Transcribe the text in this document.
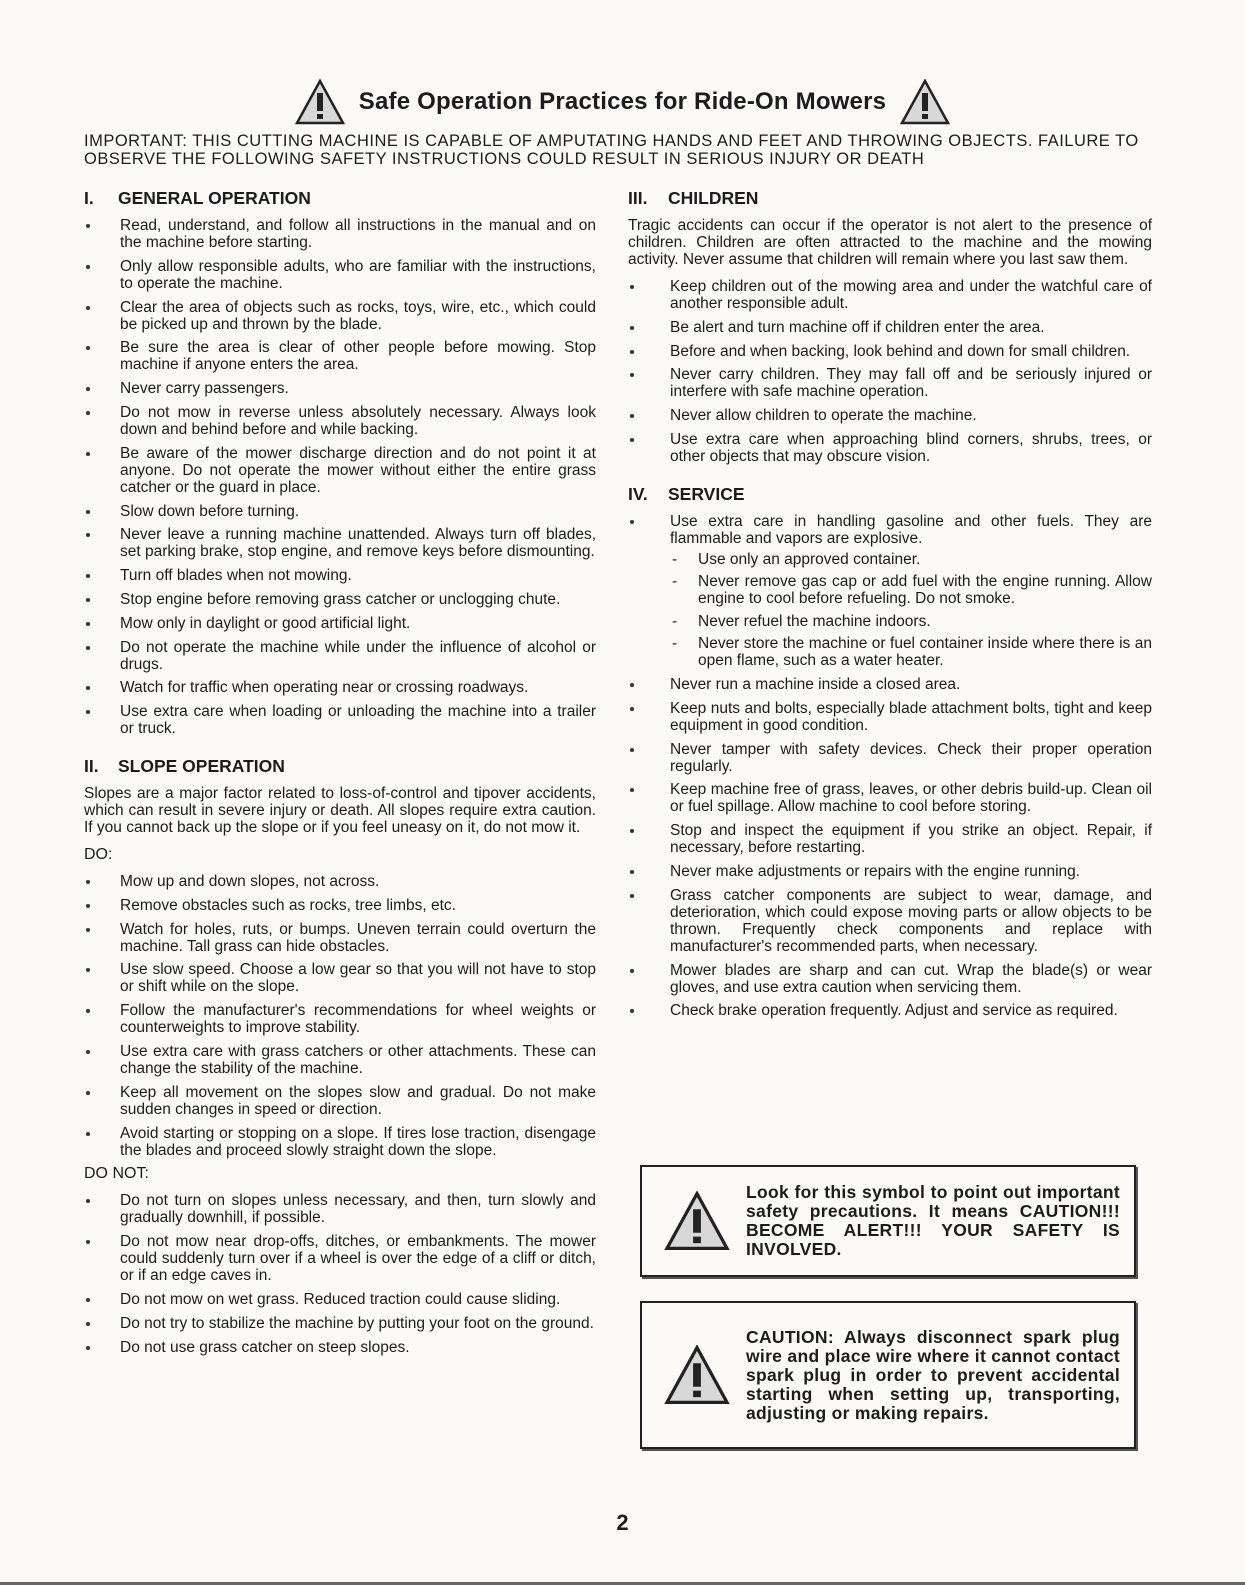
Safe Operation Practices for Ride-On Mowers
IMPORTANT: THIS CUTTING MACHINE IS CAPABLE OF AMPUTATING HANDS AND FEET AND THROWING OBJECTS. FAILURE TO OBSERVE THE FOLLOWING SAFETY INSTRUCTIONS COULD RESULT IN SERIOUS INJURY OR DEATH
I.	GENERAL OPERATION
Read, understand, and follow all instructions in the manual and on the machine before starting.
Only allow responsible adults, who are familiar with the instructions, to operate the machine.
Clear the area of objects such as rocks, toys, wire, etc., which could be picked up and thrown by the blade.
Be sure the area is clear of other people before mowing. Stop machine if anyone enters the area.
Never carry passengers.
Do not mow in reverse unless absolutely necessary. Always look down and behind before and while backing.
Be aware of the mower discharge direction and do not point it at anyone. Do not operate the mower without either the entire grass catcher or the guard in place.
Slow down before turning.
Never leave a running machine unattended. Always turn off blades, set parking brake, stop engine, and remove keys before dismounting.
Turn off blades when not mowing.
Stop engine before removing grass catcher or unclogging chute.
Mow only in daylight or good artificial light.
Do not operate the machine while under the influence of alcohol or drugs.
Watch for traffic when operating near or crossing roadways.
Use extra care when loading or unloading the machine into a trailer or truck.
II.	SLOPE OPERATION

Slopes are a major factor related to loss-of-control and tipover accidents, which can result in severe injury or death. All slopes require extra caution. If you cannot back up the slope or if you feel uneasy on it, do not mow it.

DO:
Mow up and down slopes, not across.
Remove obstacles such as rocks, tree limbs, etc.
Watch for holes, ruts, or bumps. Uneven terrain could overturn the machine. Tall grass can hide obstacles.
Use slow speed. Choose a low gear so that you will not have to stop or shift while on the slope.
Follow the manufacturer's recommendations for wheel weights or counterweights to improve stability.
Use extra care with grass catchers or other attachments. These can change the stability of the machine.
Keep all movement on the slopes slow and gradual. Do not make sudden changes in speed or direction.
Avoid starting or stopping on a slope. If tires lose traction, disengage the blades and proceed slowly straight down the slope.
DO NOT:
Do not turn on slopes unless necessary, and then, turn slowly and gradually downhill, if possible.
Do not mow near drop-offs, ditches, or embankments. The mower could suddenly turn over if a wheel is over the edge of a cliff or ditch, or if an edge caves in.
Do not mow on wet grass. Reduced traction could cause sliding.
Do not try to stabilize the machine by putting your foot on the ground.
Do not use grass catcher on steep slopes.
III.	CHILDREN

Tragic accidents can occur if the operator is not alert to the presence of children. Children are often attracted to the machine and the mowing activity. Never assume that children will remain where you last saw them.

Keep children out of the mowing area and under the watchful care of another responsible adult.
Be alert and turn machine off if children enter the area.
Before and when backing, look behind and down for small children.
Never carry children. They may fall off and be seriously injured or interfere with safe machine operation.
Never allow children to operate the machine.
Use extra care when approaching blind corners, shrubs, trees, or other objects that may obscure vision.
IV.	SERVICE
Use extra care in handling gasoline and other fuels. They are flammable and vapors are explosive.
- Use only an approved container.
- Never remove gas cap or add fuel with the engine running. Allow engine to cool before refueling. Do not smoke.
- Never refuel the machine indoors.
- Never store the machine or fuel container inside where there is an open flame, such as a water heater.
Never run a machine inside a closed area.
Keep nuts and bolts, especially blade attachment bolts, tight and keep equipment in good condition.
Never tamper with safety devices. Check their proper operation regularly.
Keep machine free of grass, leaves, or other debris build-up. Clean oil or fuel spillage. Allow machine to cool before storing.
Stop and inspect the equipment if you strike an object. Repair, if necessary, before restarting.
Never make adjustments or repairs with the engine running.
Grass catcher components are subject to wear, damage, and deterioration, which could expose moving parts or allow objects to be thrown. Frequently check components and replace with manufacturer's recommended parts, when necessary.
Mower blades are sharp and can cut. Wrap the blade(s) or wear gloves, and use extra caution when servicing them.
Check brake operation frequently. Adjust and service as required.
Look for this symbol to point out important safety precautions. It means CAUTION!!! BECOME ALERT!!! YOUR SAFETY IS INVOLVED.
CAUTION: Always disconnect spark plug wire and place wire where it cannot contact spark plug in order to prevent accidental starting when setting up, transporting, adjusting or making repairs.
2
